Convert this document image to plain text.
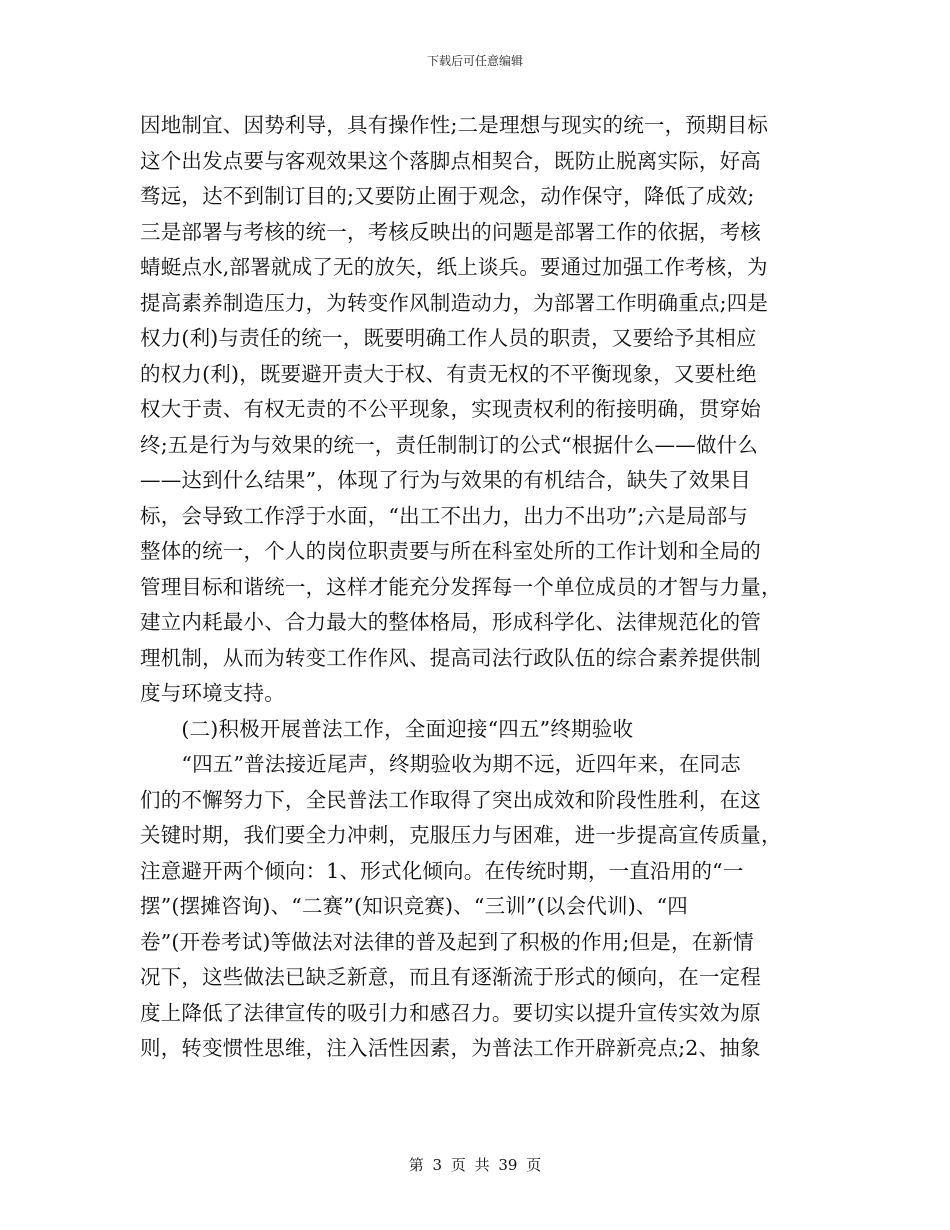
下载后可任意编辑
因地制宜、因势利导，具有操作性;二是理想与现实的统一，预期目标
这个出发点要与客观效果这个落脚点相契合，既防止脱离实际，好高
骛远，达不到制订目的;又要防止囿于观念，动作保守，降低了成效;
三是部署与考核的统一，考核反映出的问题是部署工作的依据，考核
蜻蜓点水,部署就成了无的放矢，纸上谈兵。要通过加强工作考核，为
提高素养制造压力，为转变作风制造动力，为部署工作明确重点;四是
权力(利)与责任的统一，既要明确工作人员的职责，又要给予其相应
的权力(利)，既要避开责大于权、有责无权的不平衡现象，又要杜绝
权大于责、有权无责的不公平现象，实现责权利的衔接明确，贯穿始
终;五是行为与效果的统一，责任制制订的公式“根据什么——做什么
——达到什么结果”，体现了行为与效果的有机结合，缺失了效果目
标，会导致工作浮于水面，“出工不出力，出力不出功”;六是局部与
整体的统一，个人的岗位职责要与所在科室处所的工作计划和全局的
管理目标和谐统一，这样才能充分发挥每一个单位成员的才智与力量，
建立内耗最小、合力最大的整体格局，形成科学化、法律规范化的管
理机制，从而为转变工作作风、提高司法行政队伍的综合素养提供制
度与环境支持。
　　(二)积极开展普法工作，全面迎接“四五”终期验收
　　“四五”普法接近尾声，终期验收为期不远，近四年来，在同志
们的不懈努力下，全民普法工作取得了突出成效和阶段性胜利，在这
关键时期，我们要全力冲刺，克服压力与困难，进一步提高宣传质量，
注意避开两个倾向：1、形式化倾向。在传统时期，一直沿用的“一
摆”(摆摊咨询)、“二赛”(知识竞赛)、“三训”(以会代训)、“四
卷”(开卷考试)等做法对法律的普及起到了积极的作用;但是，在新情
况下，这些做法已缺乏新意，而且有逐渐流于形式的倾向，在一定程
度上降低了法律宣传的吸引力和感召力。要切实以提升宣传实效为原
则，转变惯性思维，注入活性因素，为普法工作开辟新亮点;2、抽象
第 3 页 共 39 页
